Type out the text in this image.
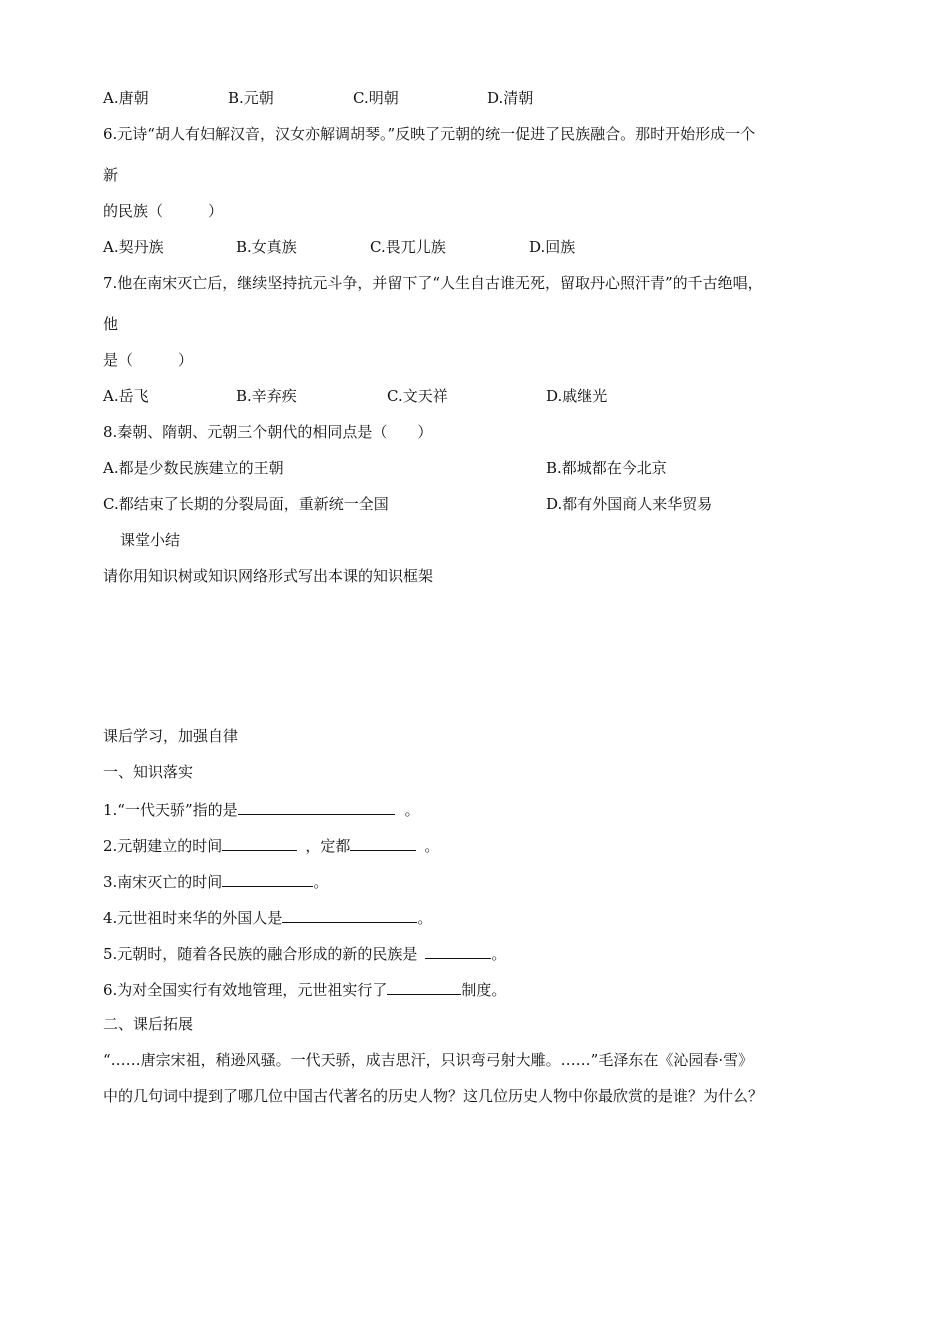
A.唐朝	B.元朝	C.明朝	D.清朝
6.元诗“胡人有妇解汉音，汉女亦解调胡琴。”反映了元朝的统一促进了民族融合。那时开始形成一个
新
的民族（　　　）
A.契丹族	B.女真族	C.畏兀儿族	D.回族
7.他在南宋灭亡后，继续坚持抗元斗争，并留下了“人生自古谁无死，留取丹心照汗青”的千古绝唱，
他
是（　　　）
A.岳飞	B.辛弃疾	C.文天祥	D.戚继光
8.秦朝、隋朝、元朝三个朝代的相同点是（　　）
A.都是少数民族建立的王朝	B.都城都在今北京
C.都结束了长期的分裂局面，重新统一全国	D.都有外国商人来华贸易
课堂小结
请你用知识树或知识网络形式写出本课的知识框架
课后学习，加强自律
一、知识落实
1.“一代天骄”指的是	。
2.元朝建立的时间	，定都	。
3.南宋灭亡的时间	。
4.元世祖时来华的外国人是	。
5.元朝时，随着各民族的融合形成的新的民族是	。
6.为对全国实行有效地管理，元世祖实行了	制度。
二、课后拓展
“……唐宗宋祖，稍逊风骚。一代天骄，成吉思汗，只识弯弓射大雕。……”毛泽东在《沁园春·雪》
中的几句词中提到了哪几位中国古代著名的历史人物？这几位历史人物中你最欣赏的是谁？为什么？
